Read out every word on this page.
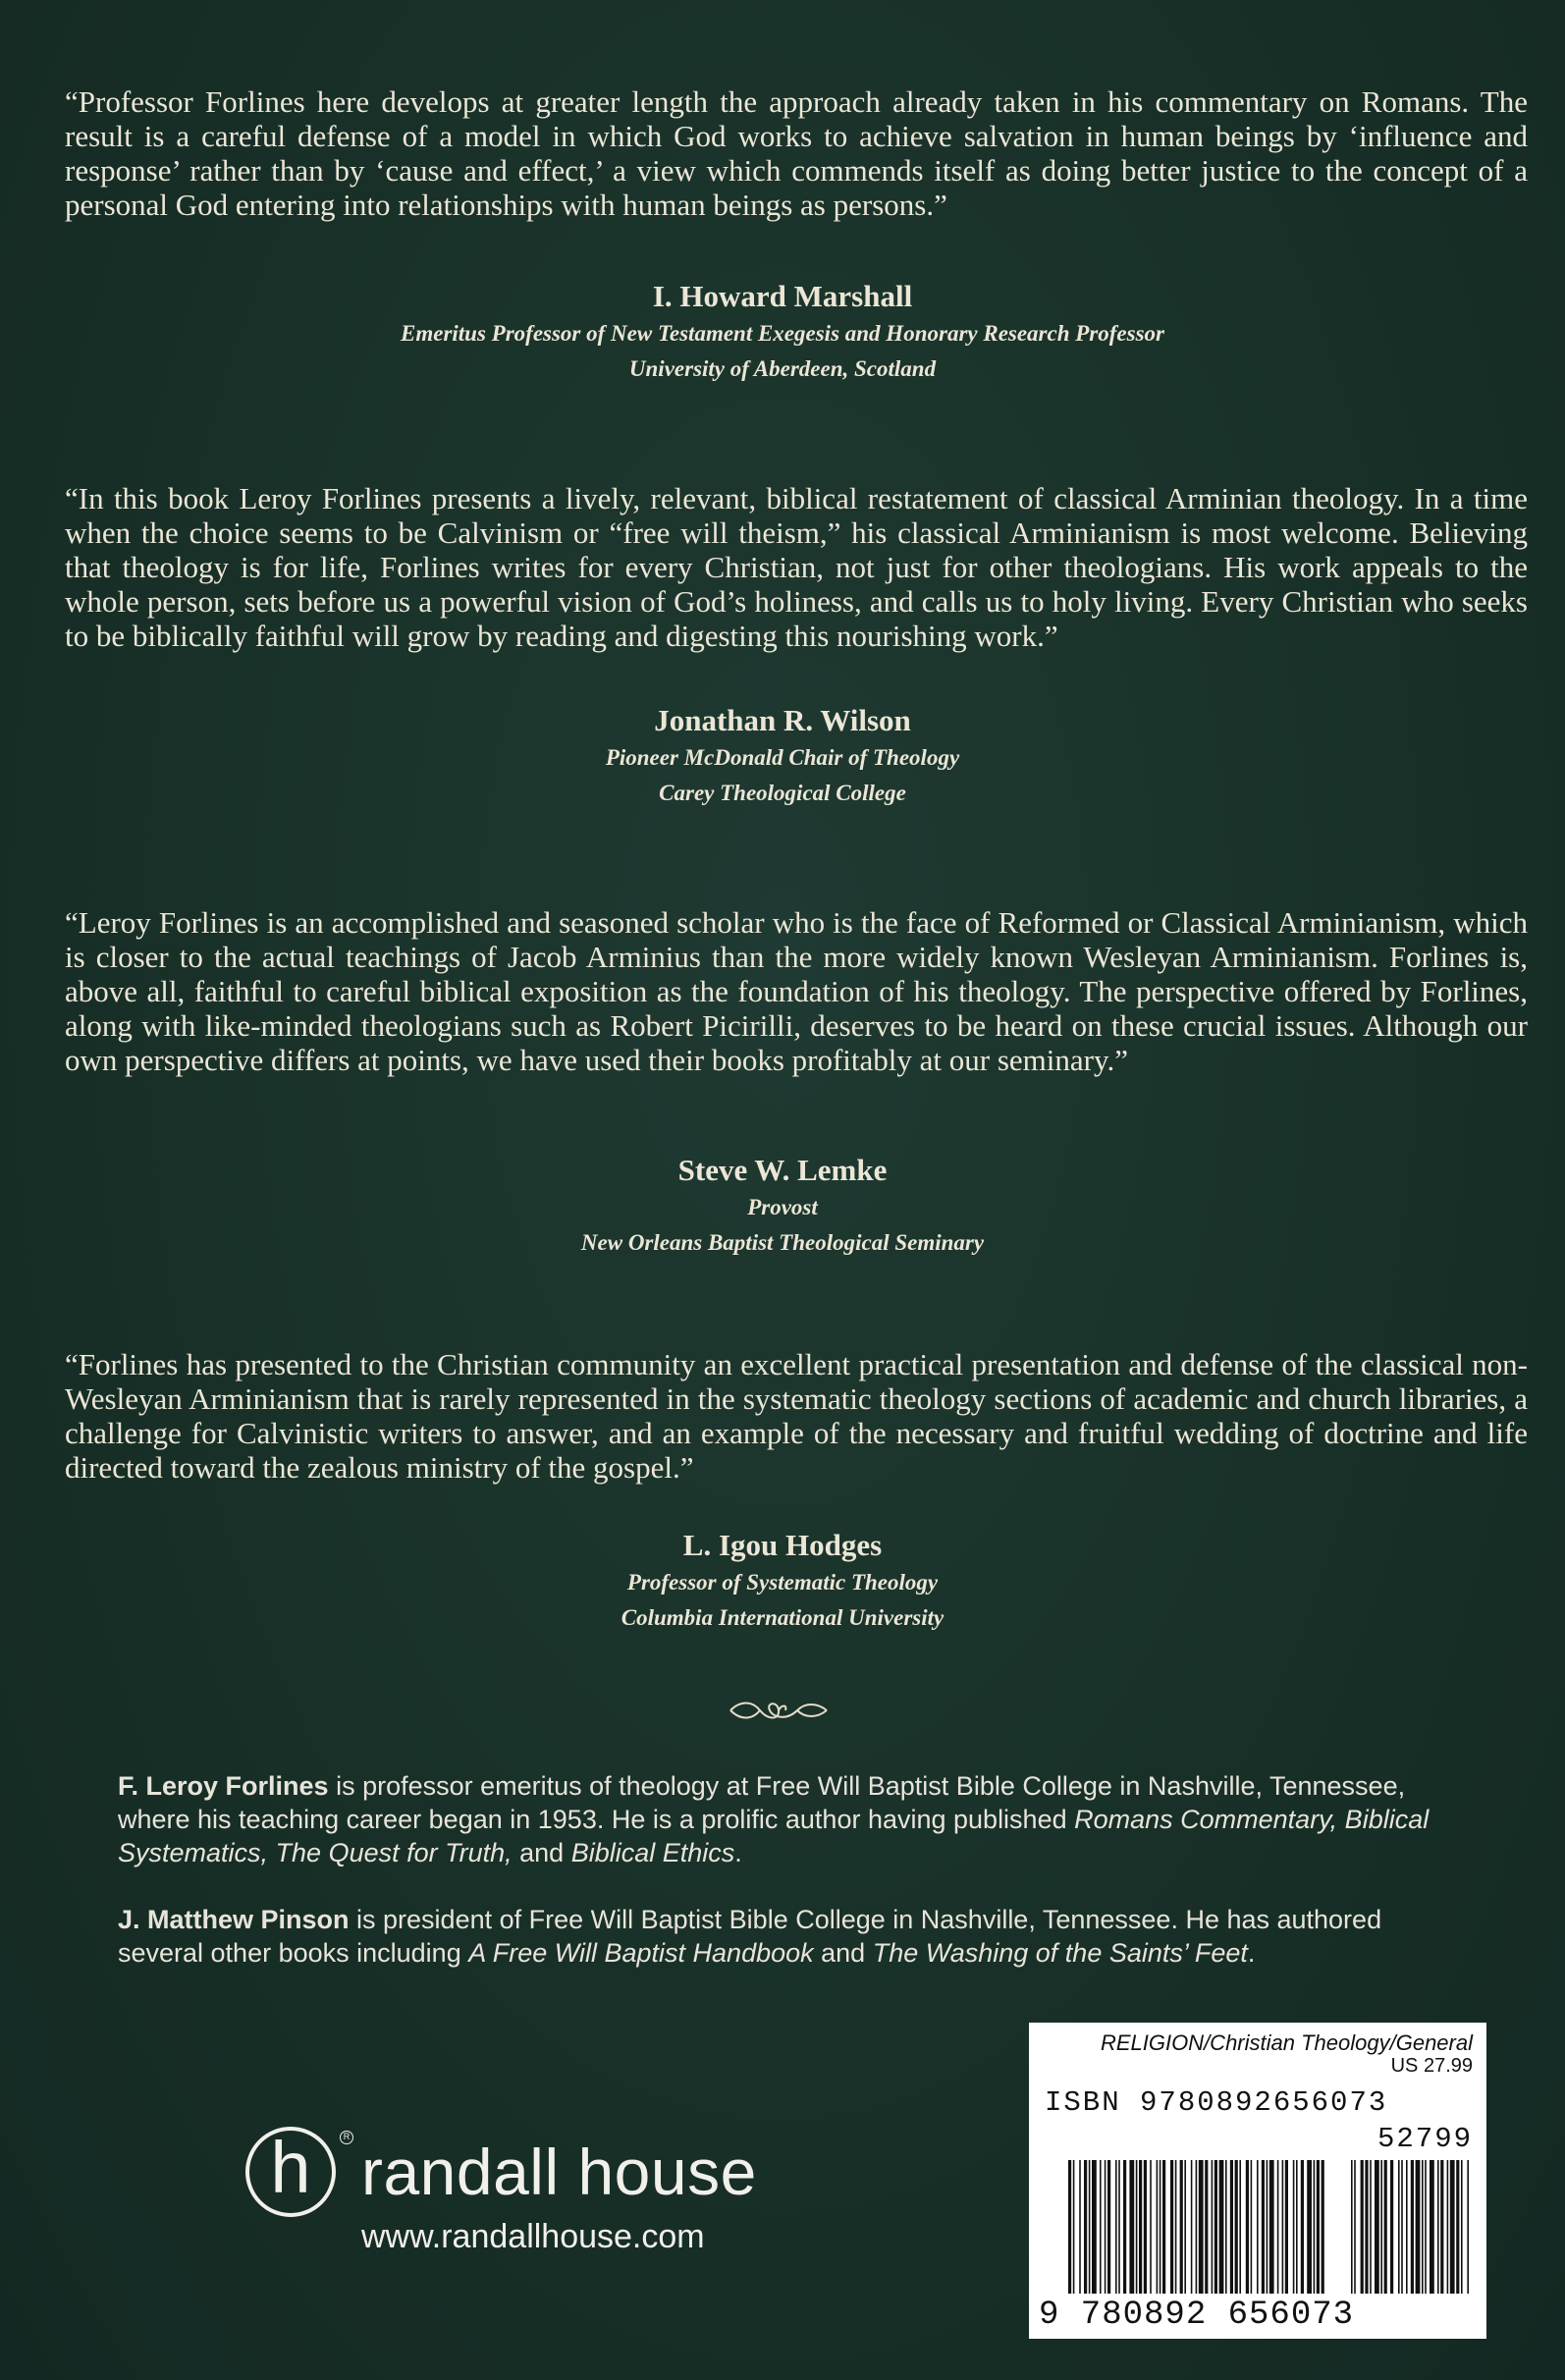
“Professor Forlines here develops at greater length the approach already taken in his commentary on Romans. The result is a careful defense of a model in which God works to achieve salvation in human beings by ‘influence and response’ rather than by ‘cause and effect,’ a view which commends itself as doing better justice to the concept of a personal God entering into relationships with human beings as persons.”
I. Howard Marshall
Emeritus Professor of New Testament Exegesis and Honorary Research Professor
University of Aberdeen, Scotland
“In this book Leroy Forlines presents a lively, relevant, biblical restatement of classical Arminian theology. In a time when the choice seems to be Calvinism or “free will theism,” his classical Arminianism is most welcome. Believing that theology is for life, Forlines writes for every Christian, not just for other theologians. His work appeals to the whole person, sets before us a powerful vision of God’s holiness, and calls us to holy living. Every Christian who seeks to be biblically faithful will grow by reading and digesting this nourishing work.”
Jonathan R. Wilson
Pioneer McDonald Chair of Theology
Carey Theological College
“Leroy Forlines is an accomplished and seasoned scholar who is the face of Reformed or Classical Arminianism, which is closer to the actual teachings of Jacob Arminius than the more widely known Wesleyan Arminianism. Forlines is, above all, faithful to careful biblical exposition as the foundation of his theology. The perspective offered by Forlines, along with like-minded theologians such as Robert Picirilli, deserves to be heard on these crucial issues. Although our own perspective differs at points, we have used their books profitably at our seminary.”
Steve W. Lemke
Provost
New Orleans Baptist Theological Seminary
“Forlines has presented to the Christian community an excellent practical presentation and defense of the classical non-Wesleyan Arminianism that is rarely represented in the systematic theology sections of academic and church libraries, a challenge for Calvinistic writers to answer, and an example of the necessary and fruitful wedding of doctrine and life directed toward the zealous ministry of the gospel.”
L. Igou Hodges
Professor of Systematic Theology
Columbia International University
F. Leroy Forlines is professor emeritus of theology at Free Will Baptist Bible College in Nashville, Tennessee, where his teaching career began in 1953. He is a prolific author having published Romans Commentary, Biblical Systematics, The Quest for Truth, and Biblical Ethics.
J. Matthew Pinson is president of Free Will Baptist Bible College in Nashville, Tennessee. He has authored several other books including A Free Will Baptist Handbook and The Washing of the Saints’ Feet.
h	R randall house
www.randallhouse.com
RELIGION/Christian Theology/General
US 27.99
ISBN 9780892656073
52799
9 780892 656073
